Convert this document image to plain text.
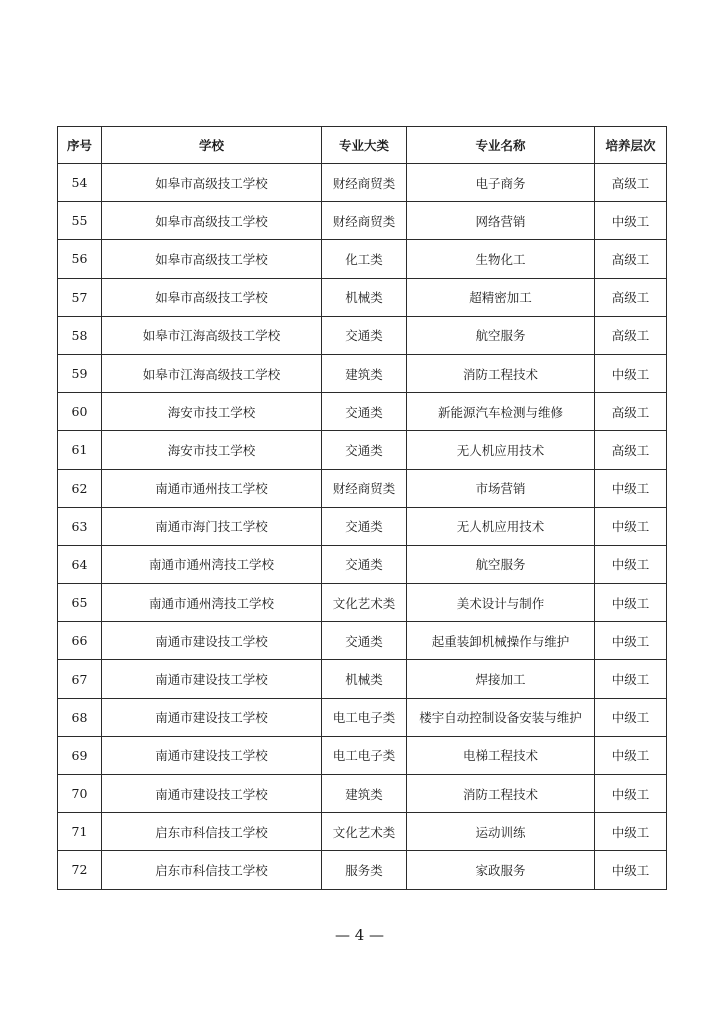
序号	学校	专业大类	专业名称	培养层次
54	如皋市高级技工学校	财经商贸类	电子商务	高级工
55	如皋市高级技工学校	财经商贸类	网络营销	中级工
56	如皋市高级技工学校	化工类	生物化工	高级工
57	如皋市高级技工学校	机械类	超精密加工	高级工
58	如皋市江海高级技工学校	交通类	航空服务	高级工
59	如皋市江海高级技工学校	建筑类	消防工程技术	中级工
60	海安市技工学校	交通类	新能源汽车检测与维修	高级工
61	海安市技工学校	交通类	无人机应用技术	高级工
62	南通市通州技工学校	财经商贸类	市场营销	中级工
63	南通市海门技工学校	交通类	无人机应用技术	中级工
64	南通市通州湾技工学校	交通类	航空服务	中级工
65	南通市通州湾技工学校	文化艺术类	美术设计与制作	中级工
66	南通市建设技工学校	交通类	起重装卸机械操作与维护	中级工
67	南通市建设技工学校	机械类	焊接加工	中级工
68	南通市建设技工学校	电工电子类	楼宇自动控制设备安装与维护	中级工
69	南通市建设技工学校	电工电子类	电梯工程技术	中级工
70	南通市建设技工学校	建筑类	消防工程技术	中级工
71	启东市科信技工学校	文化艺术类	运动训练	中级工
72	启东市科信技工学校	服务类	家政服务	中级工
— 4 —
